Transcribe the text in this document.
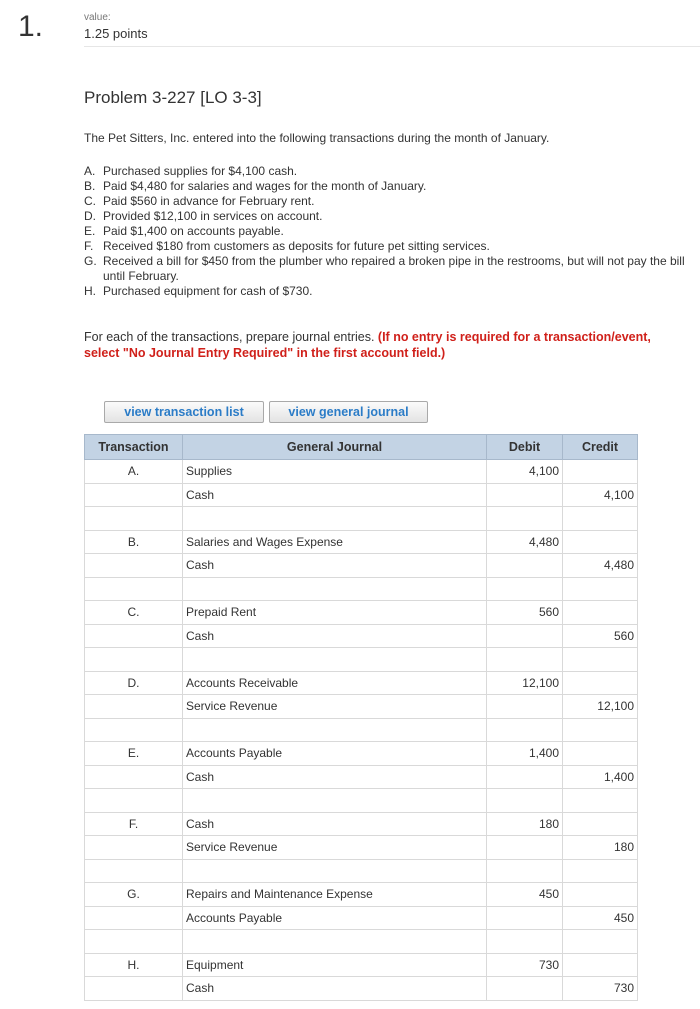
1.	value:
1.25 points
Problem 3-227 [LO 3-3]
The Pet Sitters, Inc. entered into the following transactions during the month of January.
A. Purchased supplies for $4,100 cash.
B. Paid $4,480 for salaries and wages for the month of January.
C. Paid $560 in advance for February rent.
D. Provided $12,100 in services on account.
E. Paid $1,400 on accounts payable.
F. Received $180 from customers as deposits for future pet sitting services.
G. Received a bill for $450 from the plumber who repaired a broken pipe in the restrooms, but will not pay the bill until February.
H. Purchased equipment for cash of $730.
For each of the transactions, prepare journal entries. (If no entry is required for a transaction/event, select "No Journal Entry Required" in the first account field.)
view transaction list	view general journal
Transaction	General Journal	Debit	Credit
A.	Supplies	4,100	
	Cash		4,100

B.	Salaries and Wages Expense	4,480	
	Cash		4,480

C.	Prepaid Rent	560	
	Cash		560

D.	Accounts Receivable	12,100	
	Service Revenue		12,100

E.	Accounts Payable	1,400	
	Cash		1,400

F.	Cash	180	
	Service Revenue		180

G.	Repairs and Maintenance Expense	450	
	Accounts Payable		450

H.	Equipment	730	
	Cash		730
